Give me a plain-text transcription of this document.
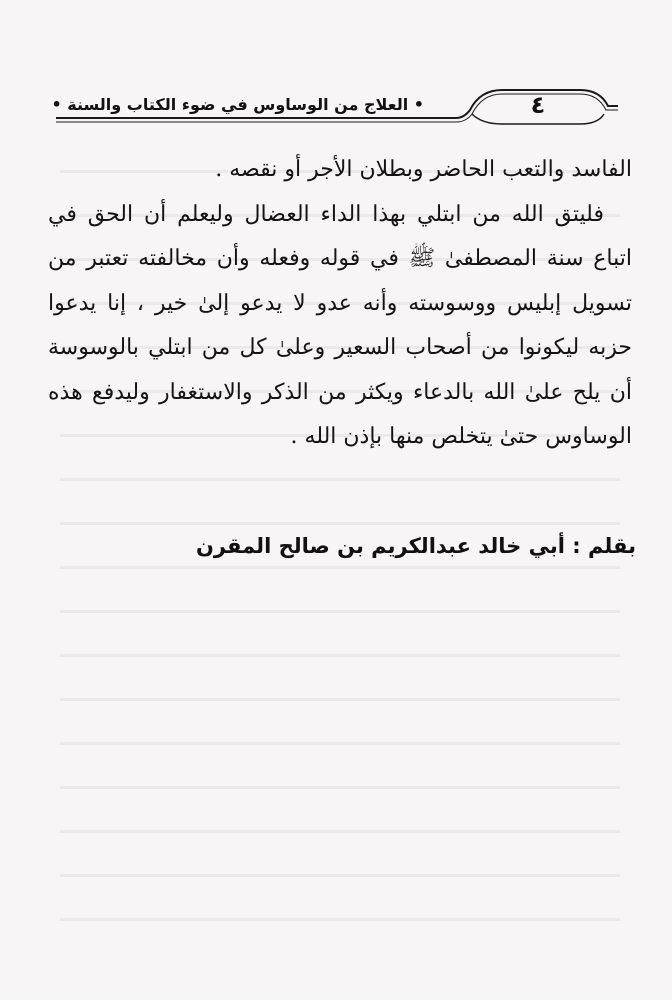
• العلاج من الوساوس في ضوء الكتاب والسنة •	٤

الفاسد والتعب الحاضر وبطلان الأجر أو نقصه .

فليتق الله من ابتلي بهذا الداء العضال وليعلم أن الحق في اتباع سنة المصطفىٰ ﷺ في قوله وفعله وأن مخالفته تعتبر من تسويل إبليس ووسوسته وأنه عدو لا يدعو إلىٰ خير ، إنا يدعوا حزبه ليكونوا من أصحاب السعير وعلىٰ كل من ابتلي بالوسوسة أن يلح علىٰ الله بالدعاء ويكثر من الذكر والاستغفار وليدفع هذه الوساوس حتىٰ يتخلص منها بإذن الله .

بقلم : أبي خالد عبدالكريم بن صالح المقرن
